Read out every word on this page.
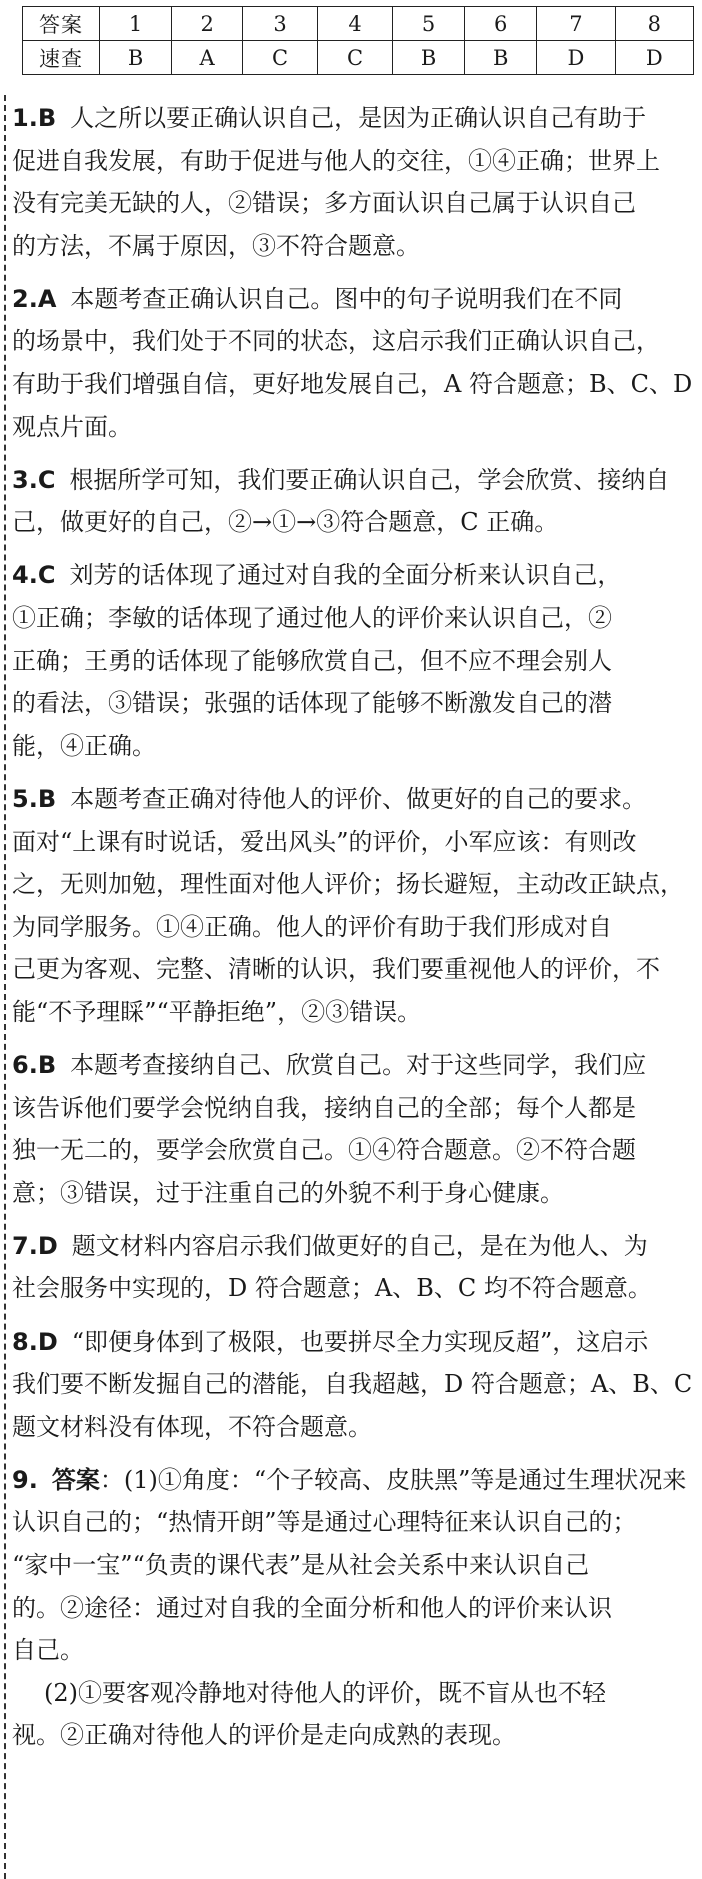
答案	1	2	3	4	5	6	7	8
速查	B	A	C	C	B	B	D	D
1.B 人之所以要正确认识自己，是因为正确认识自己有助于
促进自我发展，有助于促进与他人的交往，①④正确；世界上
没有完美无缺的人，②错误；多方面认识自己属于认识自己
的方法，不属于原因，③不符合题意。
2.A 本题考查正确认识自己。图中的句子说明我们在不同
的场景中，我们处于不同的状态，这启示我们正确认识自己，
有助于我们增强自信，更好地发展自己，A 符合题意；B、C、D
观点片面。
3.C 根据所学可知，我们要正确认识自己，学会欣赏、接纳自
己，做更好的自己，②→①→③符合题意，C 正确。
4.C 刘芳的话体现了通过对自我的全面分析来认识自己，
①正确；李敏的话体现了通过他人的评价来认识自己，②
正确；王勇的话体现了能够欣赏自己，但不应不理会别人
的看法，③错误；张强的话体现了能够不断激发自己的潜
能，④正确。
5.B 本题考查正确对待他人的评价、做更好的自己的要求。
面对“上课有时说话，爱出风头”的评价，小军应该：有则改
之，无则加勉，理性面对他人评价；扬长避短，主动改正缺点，
为同学服务。①④正确。他人的评价有助于我们形成对自
己更为客观、完整、清晰的认识，我们要重视他人的评价，不
能“不予理睬”“平静拒绝”，②③错误。
6.B 本题考查接纳自己、欣赏自己。对于这些同学，我们应
该告诉他们要学会悦纳自我，接纳自己的全部；每个人都是
独一无二的，要学会欣赏自己。①④符合题意。②不符合题
意；③错误，过于注重自己的外貌不利于身心健康。
7.D 题文材料内容启示我们做更好的自己，是在为他人、为
社会服务中实现的，D 符合题意；A、B、C 均不符合题意。
8.D “即便身体到了极限，也要拼尽全力实现反超”，这启示
我们要不断发掘自己的潜能，自我超越，D 符合题意；A、B、C
题文材料没有体现，不符合题意。
9. 答案：(1)①角度：“个子较高、皮肤黑”等是通过生理状况来
认识自己的；“热情开朗”等是通过心理特征来认识自己的；
“家中一宝”“负责的课代表”是从社会关系中来认识自己
的。②途径：通过对自我的全面分析和他人的评价来认识
自己。
(2)①要客观冷静地对待他人的评价，既不盲从也不轻
视。②正确对待他人的评价是走向成熟的表现。
